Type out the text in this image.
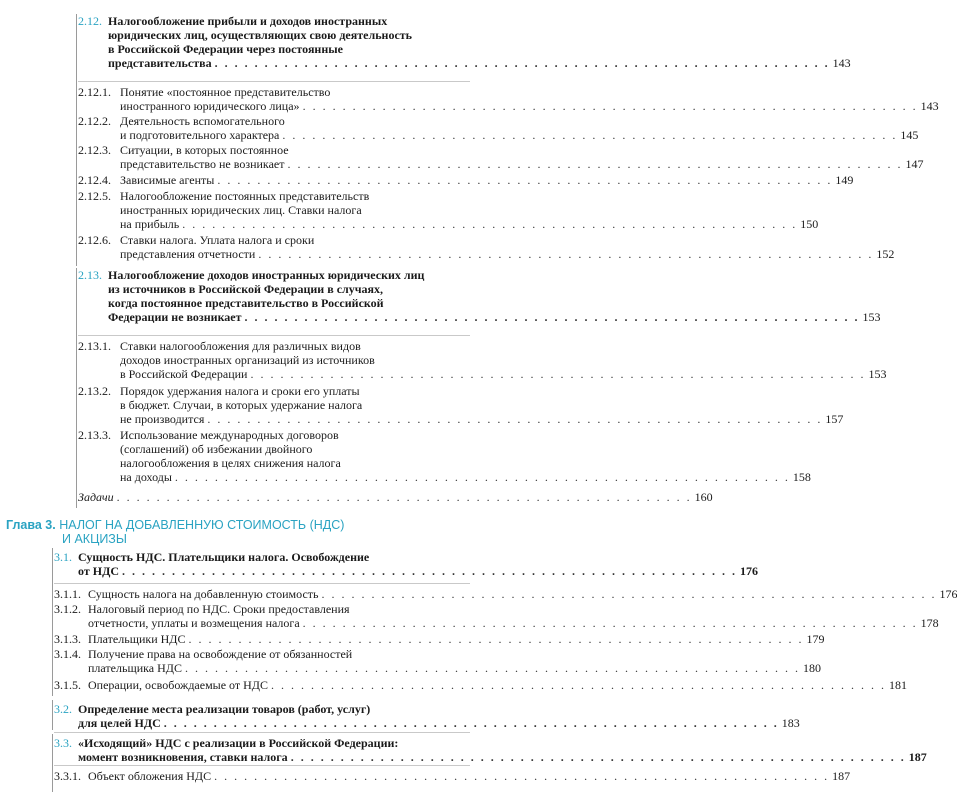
2.12. Налогообложение прибыли и доходов иностранных
юридических лиц, осуществляющих свою деятельность
в Российской Федерации через постоянные
представительства . . . . . . . . . . . . . . . . . . . . . . . . . . . . . . . . . . . . . . . . . . . . . . . . . . . . . . . . . . . . . . 143
2.12.1. Понятие «постоянное представительство
иностранного юридического лица» . . . . . . . . . . . . . . . . . . . . . . . . . . . . . . . . . . . . . . . . . . . . . . . . . . . . . . . . . . . . . . 143
2.12.2. Деятельность вспомогательного
и подготовительного характера . . . . . . . . . . . . . . . . . . . . . . . . . . . . . . . . . . . . . . . . . . . . . . . . . . . . . . . . . . . . . . 145
2.12.3. Ситуации, в которых постоянное
представительство не возникает . . . . . . . . . . . . . . . . . . . . . . . . . . . . . . . . . . . . . . . . . . . . . . . . . . . . . . . . . . . . . . 147
2.12.4. Зависимые агенты . . . . . . . . . . . . . . . . . . . . . . . . . . . . . . . . . . . . . . . . . . . . . . . . . . . . . . . . . . . . . . 149
2.12.5. Налогообложение постоянных представительств
иностранных юридических лиц. Ставки налога
на прибыль . . . . . . . . . . . . . . . . . . . . . . . . . . . . . . . . . . . . . . . . . . . . . . . . . . . . . . . . . . . . . . 150
2.12.6. Ставки налога. Уплата налога и сроки
представления отчетности . . . . . . . . . . . . . . . . . . . . . . . . . . . . . . . . . . . . . . . . . . . . . . . . . . . . . . . . . . . . . . 152
2.13. Налогообложение доходов иностранных юридических лиц
из источников в Российской Федерации в случаях,
когда постоянное представительство в Российской
Федерации не возникает . . . . . . . . . . . . . . . . . . . . . . . . . . . . . . . . . . . . . . . . . . . . . . . . . . . . . . . . . . . . . . 153
2.13.1. Ставки налогообложения для различных видов
доходов иностранных организаций из источников
в Российской Федерации . . . . . . . . . . . . . . . . . . . . . . . . . . . . . . . . . . . . . . . . . . . . . . . . . . . . . . . . . . . . . . 153
2.13.2. Порядок удержания налога и сроки его уплаты
в бюджет. Случаи, в которых удержание налога
не производится . . . . . . . . . . . . . . . . . . . . . . . . . . . . . . . . . . . . . . . . . . . . . . . . . . . . . . . . . . . . . . 157
2.13.3. Использование международных договоров
(соглашений) об избежании двойного
налогообложения в целях снижения налога
на доходы . . . . . . . . . . . . . . . . . . . . . . . . . . . . . . . . . . . . . . . . . . . . . . . . . . . . . . . . . . . . . . 158
Задачи . . . . . . . . . . . . . . . . . . . . . . . . . . . . . . . . . . . . . . . . . . . . . . . . . . . . . . . . . . 160
Глава 3. НАЛОГ НА ДОБАВЛЕННУЮ СТОИМОСТЬ (НДС)
И АКЦИЗЫ
3.1. Сущность НДС. Плательщики налога. Освобождение
от НДС . . . . . . . . . . . . . . . . . . . . . . . . . . . . . . . . . . . . . . . . . . . . . . . . . . . . . . . . . . . . . . 176
3.1.1. Сущность налога на добавленную стоимость . . . . . . . . . . . . . . . . . . . . . . . . . . . . . . . . . . . . . . . . . . . . . . . . . . . . . . . . . . . . . . 176
3.1.2. Налоговый период по НДС. Сроки предоставления
отчетности, уплаты и возмещения налога . . . . . . . . . . . . . . . . . . . . . . . . . . . . . . . . . . . . . . . . . . . . . . . . . . . . . . . . . . . . . . 178
3.1.3. Плательщики НДС . . . . . . . . . . . . . . . . . . . . . . . . . . . . . . . . . . . . . . . . . . . . . . . . . . . . . . . . . . . . . . 179
3.1.4. Получение права на освобождение от обязанностей
плательщика НДС . . . . . . . . . . . . . . . . . . . . . . . . . . . . . . . . . . . . . . . . . . . . . . . . . . . . . . . . . . . . . . 180
3.1.5. Операции, освобождаемые от НДС . . . . . . . . . . . . . . . . . . . . . . . . . . . . . . . . . . . . . . . . . . . . . . . . . . . . . . . . . . . . . . 181
3.2. Определение места реализации товаров (работ, услуг)
для целей НДС . . . . . . . . . . . . . . . . . . . . . . . . . . . . . . . . . . . . . . . . . . . . . . . . . . . . . . . . . . . . . . 183
3.3. «Исходящий» НДС с реализации в Российской Федерации:
момент возникновения, ставки налога . . . . . . . . . . . . . . . . . . . . . . . . . . . . . . . . . . . . . . . . . . . . . . . . . . . . . . . . . . . . . . 187
3.3.1. Объект обложения НДС . . . . . . . . . . . . . . . . . . . . . . . . . . . . . . . . . . . . . . . . . . . . . . . . . . . . . . . . . . . . . . 187
